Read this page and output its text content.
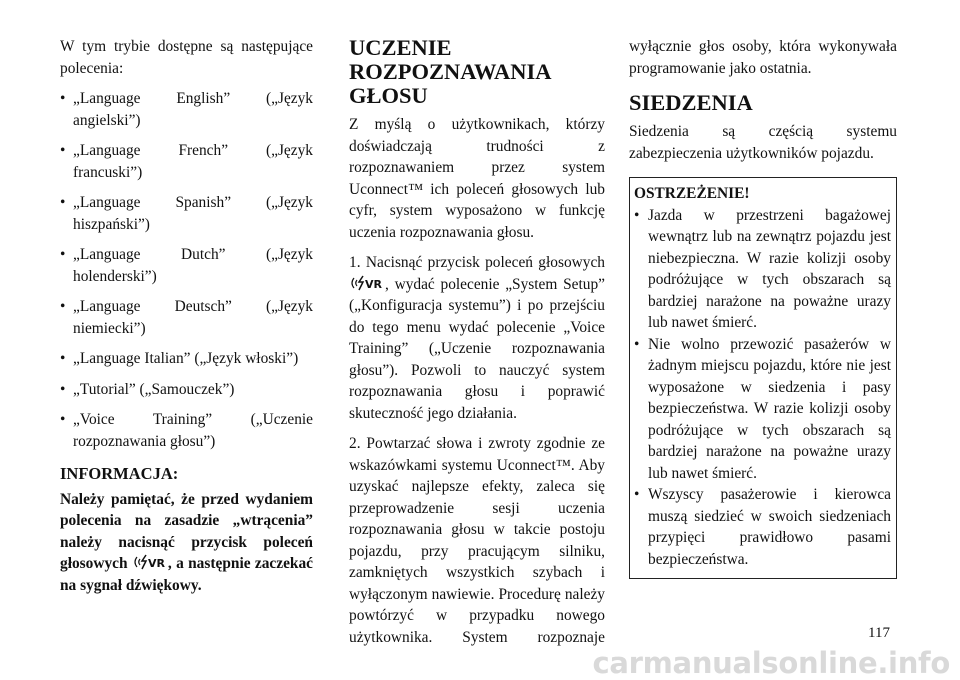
W tym trybie dostępne są następujące polecenia:

• „Language English” („Język angielski”)
• „Language French” („Język francuski”)
• „Language Spanish” („Język hiszpański”)
• „Language Dutch” („Język holenderski”)
• „Language Deutsch” („Język niemiecki”)
• „Language Italian” („Język włoski”)
• „Tutorial” („Samouczek”)
• „Voice Training” („Uczenie rozpoznawania głosu”)
INFORMACJA:

Należy pamiętać, że przed wydaniem polecenia na zasadzie „wtrącenia” należy nacisnąć przycisk poleceń głosowych VR , a następnie zaczekać na sygnał dźwiękowy.

UCZENIE ROZPOZNAWANIA GŁOSU

Z myślą o użytkownikach, którzy doświadczają trudności z rozpoznawaniem przez system Uconnect™ ich poleceń głosowych lub cyfr, system wyposażono w funkcję uczenia rozpoznawania głosu.

1. Nacisnąć przycisk poleceń głosowych
VR , wydać polecenie „System Setup” („Konfiguracja systemu”) i po przejściu do tego menu wydać polecenie „Voice Training” („Uczenie rozpoznawania głosu”). Pozwoli to nauczyć system rozpoznawania głosu i poprawić skuteczność jego działania.

2. Powtarzać słowa i zwroty zgodnie ze wskazówkami systemu Uconnect™. Aby uzyskać najlepsze efekty, zaleca się przeprowadzenie sesji uczenia rozpoznawania głosu w takcie postoju pojazdu, przy pracującym silniku, zamkniętych wszystkich szybach i wyłączonym nawiewie. Procedurę należy powtórzyć w przypadku nowego użytkownika. System rozpoznaje

wyłącznie głos osoby, która wykonywała programowanie jako ostatnia.

SIEDZENIA

Siedzenia są częścią systemu zabezpieczenia użytkowników pojazdu.

OSTRZEŻENIE!
• Jazda w przestrzeni bagażowej wewnątrz lub na zewnątrz pojazdu jest niebezpieczna. W razie kolizji osoby podróżujące w tych obszarach są bardziej narażone na poważne urazy lub nawet śmierć.
• Nie wolno przewozić pasażerów w żadnym miejscu pojazdu, które nie jest wyposażone w siedzenia i pasy bezpieczeństwa. W razie kolizji osoby podróżujące w tych obszarach są bardziej narażone na poważne urazy lub nawet śmierć.
• Wszyscy pasażerowie i kierowca muszą siedzieć w swoich siedzeniach przypięci prawidłowo pasami bezpieczeństwa.
117
carmanualsonline.info
